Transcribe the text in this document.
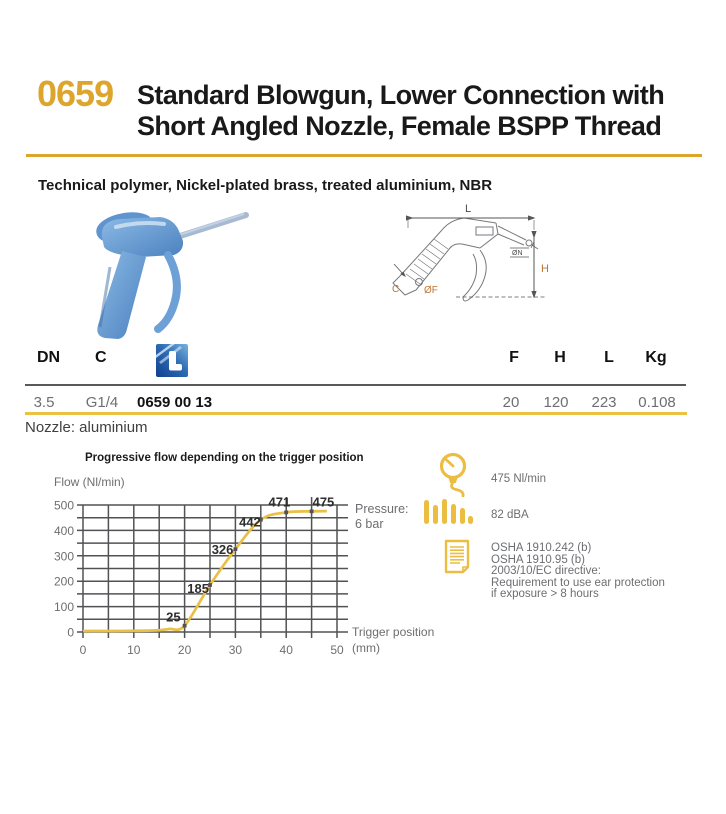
0659 Standard Blowgun, Lower Connection with
Short Angled Nozzle, Female BSPP Thread
Technical polymer, Nickel-plated brass, treated aluminium, NBR
L
H
C ØF
ØN
DN C	F H L Kg
3.5 G1/4 0659 00 13	20 120 223 0.108
Nozzle: aluminium
0
100
200
300
400
500
0	10	20	30	40	50
25
185
326
442
471 475
Progressive flow depending on the trigger position
Flow (Nl/min)
Trigger position
(mm)
Pressure:
6 bar
475 Nl/min
82 dBA
OSHA 1910.242 (b)
OSHA 1910.95 (b)
2003/10/EC directive:
Requirement to use ear protection
if exposure > 8 hours
